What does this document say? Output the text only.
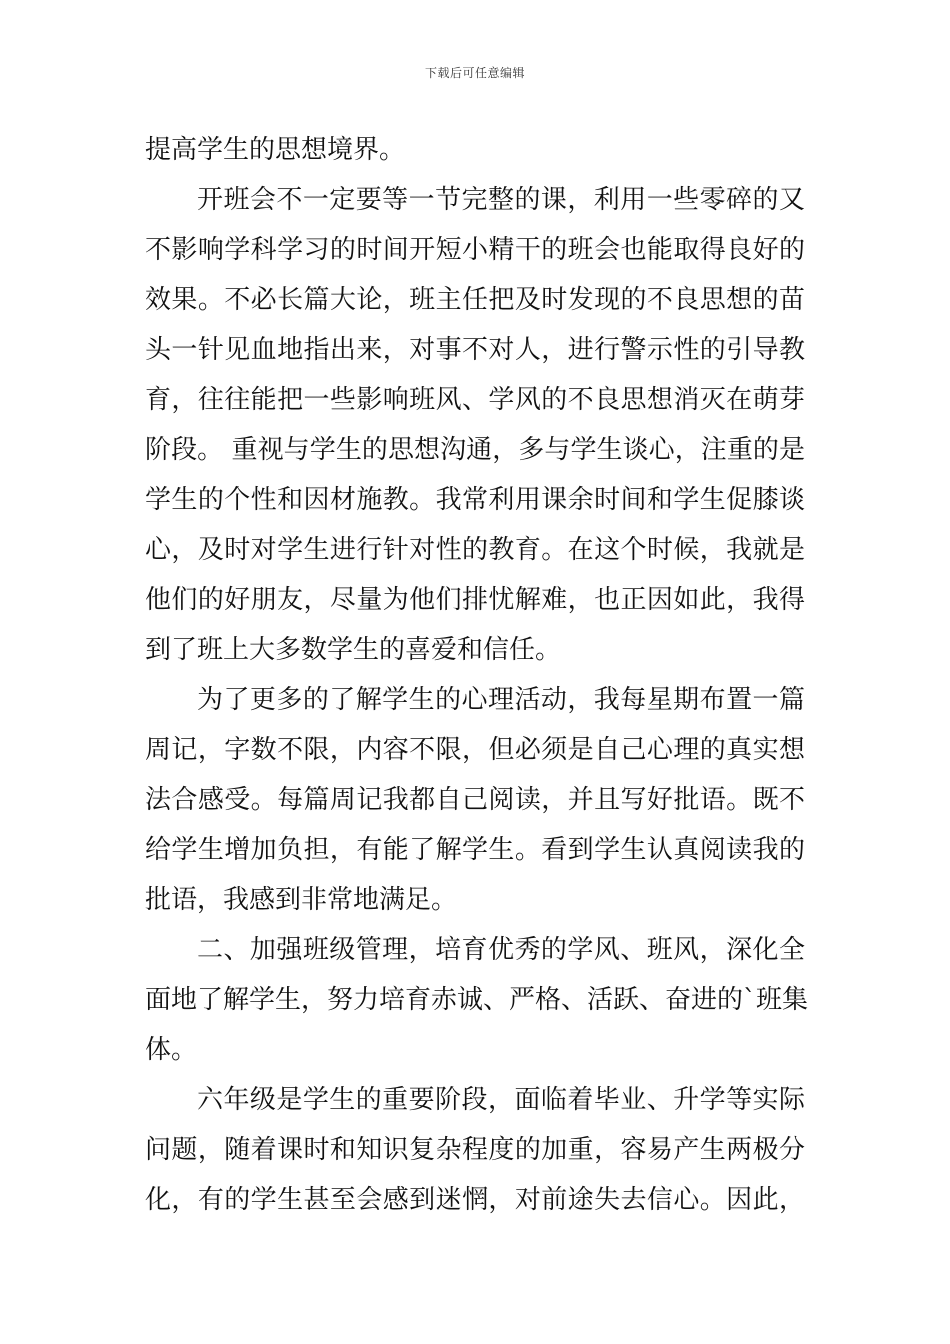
下载后可任意编辑
提高学生的思想境界。
开班会不一定要等一节完整的课，利用一些零碎的又
不影响学科学习的时间开短小精干的班会也能取得良好的
效果。不必长篇大论，班主任把及时发现的不良思想的苗
头一针见血地指出来，对事不对人，进行警示性的引导教
育，往往能把一些影响班风、学风的不良思想消灭在萌芽
阶段。 重视与学生的思想沟通，多与学生谈心，注重的是
学生的个性和因材施教。我常利用课余时间和学生促膝谈
心，及时对学生进行针对性的教育。在这个时候，我就是
他们的好朋友，尽量为他们排忧解难，也正因如此，我得
到了班上大多数学生的喜爱和信任。
为了更多的了解学生的心理活动，我每星期布置一篇
周记，字数不限，内容不限，但必须是自己心理的真实想
法合感受。每篇周记我都自己阅读，并且写好批语。既不
给学生增加负担，有能了解学生。看到学生认真阅读我的
批语，我感到非常地满足。
二、加强班级管理，培育优秀的学风、班风，深化全
面地了解学生，努力培育赤诚、严格、活跃、奋进的`班集
体。
六年级是学生的重要阶段，面临着毕业、升学等实际
问题，随着课时和知识复杂程度的加重，容易产生两极分
化，有的学生甚至会感到迷惘，对前途失去信心。因此，
